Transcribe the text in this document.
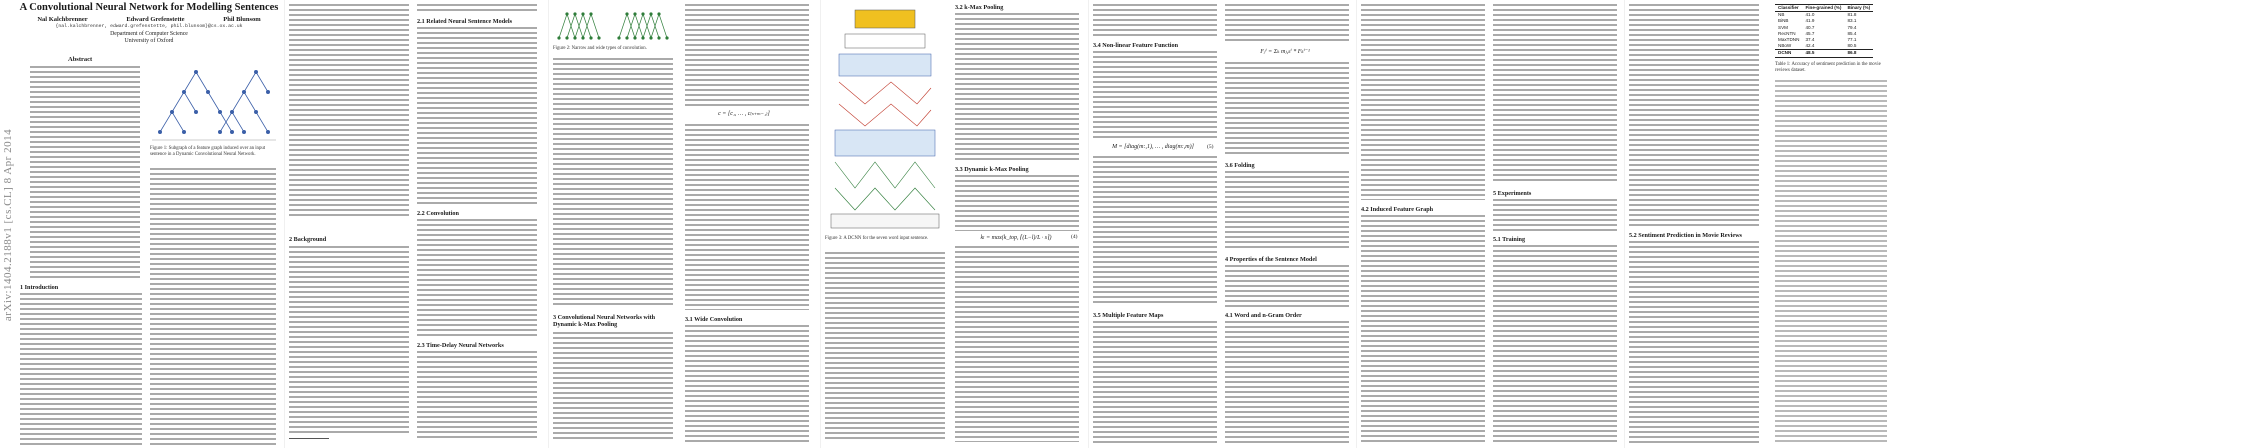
arXiv:1404.2188v1 [cs.CL] 8 Apr 2014
A Convolutional Neural Network for Modelling Sentences
Nal Kalchbrenner	Edward Grefenstette	Phil Blunsom
{nal.kalchbrenner, edward.grefenstette, phil.blunsom}@cs.ox.ac.uk
Department of Computer Science
University of Oxford
Abstract
1 Introduction
Figure 1: Subgraph of a feature graph induced over an input sentence in a Dynamic Convolutional Neural Network.
2 Background
2.1 Related Neural Sentence Models
2.2 Convolution
2.3 Time-Delay Neural Networks
Figure 2: Narrow and wide types of convolution.
3 Convolutional Neural Networks with Dynamic k-Max Pooling
c = [c₁, … , c₍ₛ₊ₘ₋₁₎]
3.1 Wide Convolution
Figure 3: A DCNN for the seven word input sentence.
3.2 k-Max Pooling
3.3 Dynamic k-Max Pooling
kₗ = max(k_top, ⌈(L−l)/L · s⌉)	(4)
3.4 Non-linear Feature Function
M = [diag(m:,1), … , diag(m:,m)]	(5)
3.5 Multiple Feature Maps
Fⱼⁱ = Σₖ mⱼ,ₖⁱ * Fₖⁱ⁻¹
3.6 Folding
4 Properties of the Sentence Model
4.1 Word and n-Gram Order
4.2 Induced Feature Graph
5 Experiments
5.1 Training
5.2 Sentiment Prediction in Movie Reviews
Classifier	Fine-grained (%)	Binary (%)
NB	41.0	81.8
BiNB	41.9	83.1
SVM	40.7	79.4
RecNTN	45.7	85.4
MaxTDNN	37.4	77.1
NBoW	42.4	80.5
DCNN	48.5	86.8
Table 1: Accuracy of sentiment prediction in the movie reviews dataset.
